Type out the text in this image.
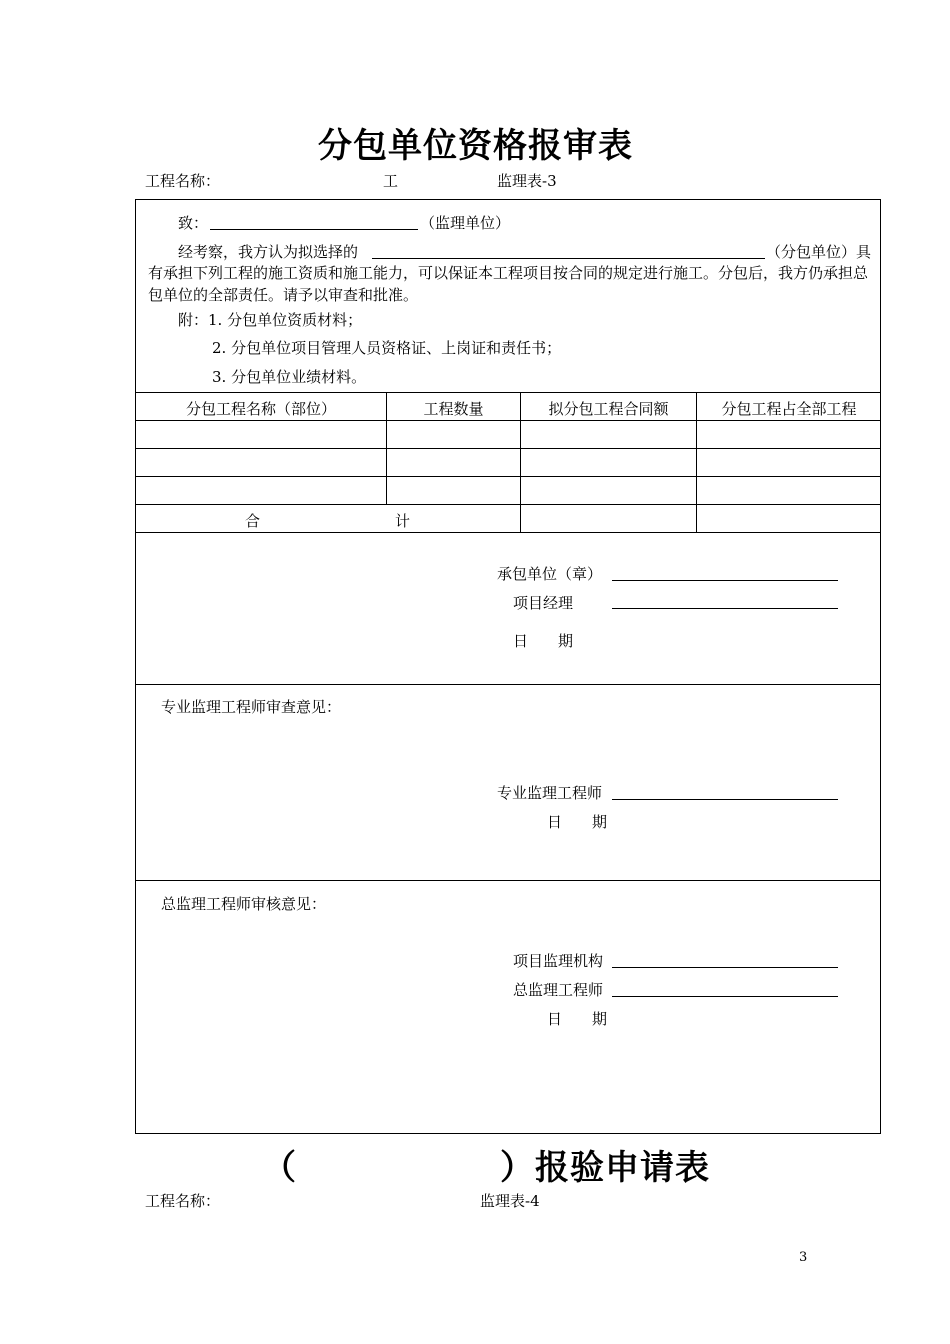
分包单位资格报审表
工程名称：	工	监理表-3
致：	（监理单位）
经考察，我方认为拟选择的	（分包单位）具
有承担下列工程的施工资质和施工能力，可以保证本工程项目按合同的规定进行施工。分包后，我方仍承担总包单位的全部责任。请予以审查和批准。
附：1. 分包单位资质材料；
2. 分包单位项目管理人员资格证、上岗证和责任书；
3. 分包单位业绩材料。
分包工程名称（部位）	工程数量	拟分包工程合同额	分包工程占全部工程
合	计
承包单位（章）
项目经理
日　　期
专业监理工程师审查意见：
专业监理工程师
日　　期
总监理工程师审核意见：
项目监理机构
总监理工程师
日　　期
（	）报验申请表
工程名称：	监理表-4
3
